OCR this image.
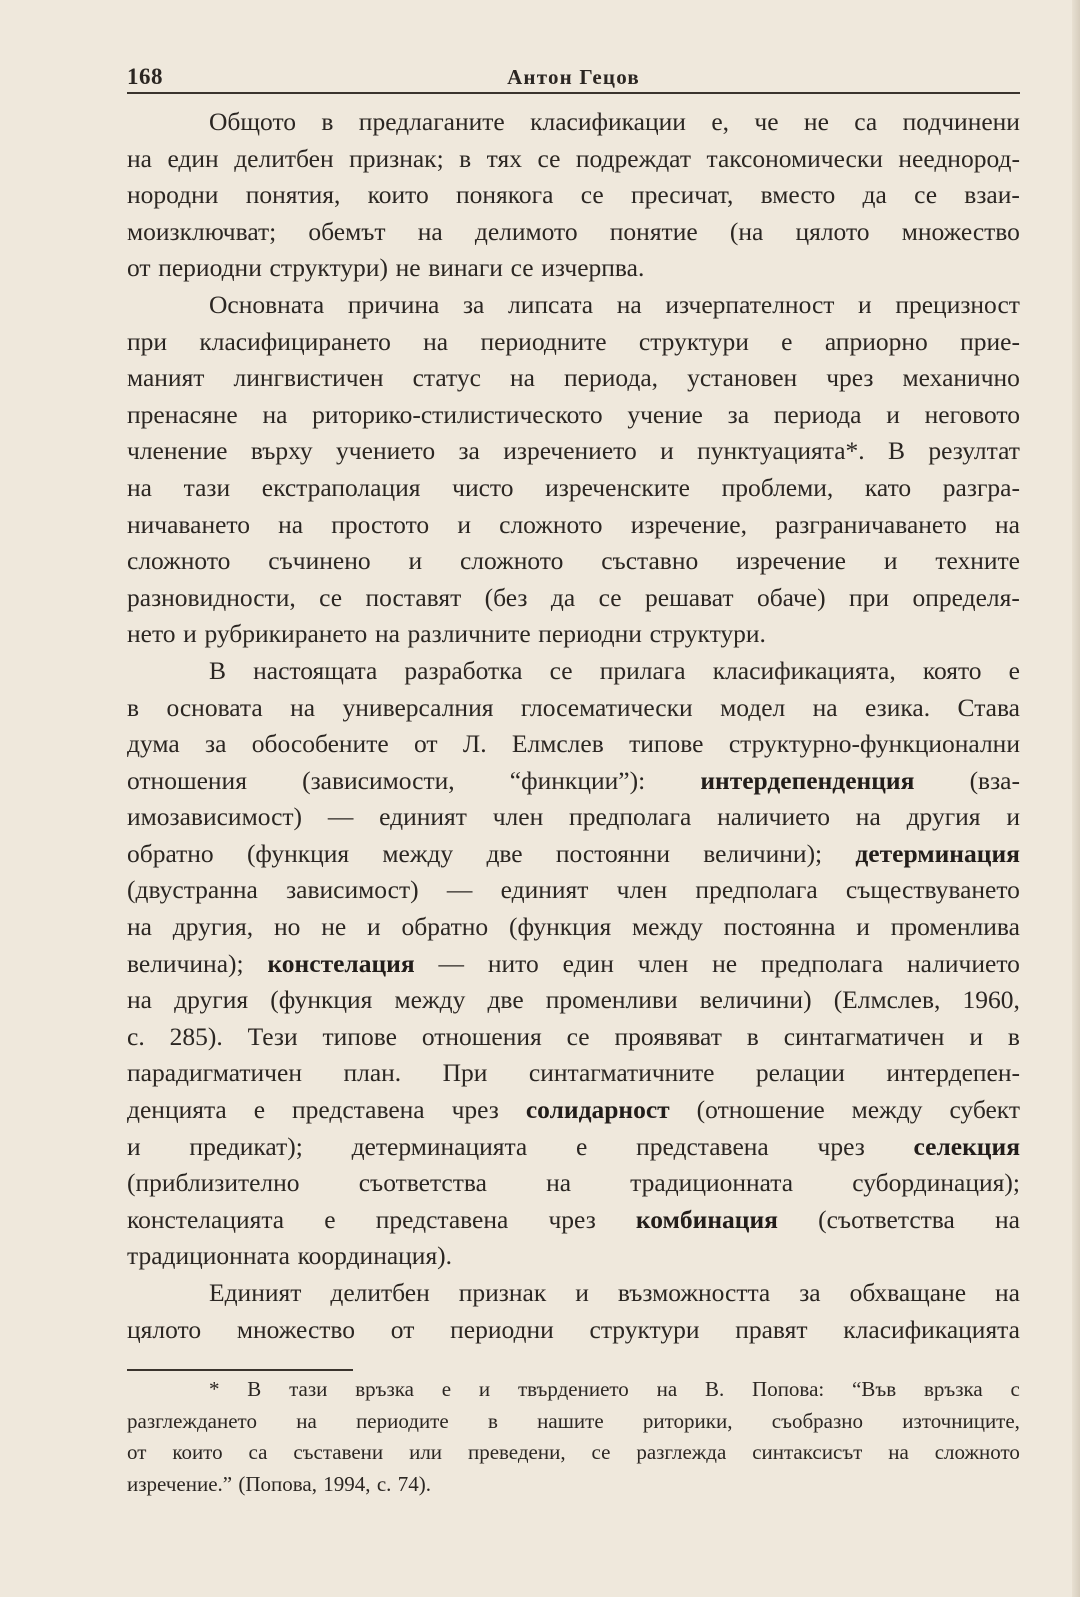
168	Антон Гецов
Общото в предлаганите класификации е, че не са подчинени
на един делитбен признак; в тях се подреждат таксономически нееднород-
нородни понятия, които понякога се пресичат, вместо да се взаи-
моизключват; обемът на делимото понятие (на цялото множество
от периодни структури) не винаги се изчерпва.
Основната причина за липсата на изчерпателност и прецизност
при класифицирането на периодните структури е априорно прие-
маният лингвистичен статус на периода, установен чрез механично
пренасяне на риторико-стилистическото учение за периода и неговото
членение върху учението за изречението и пунктуацията*. В резултат
на тази екстраполация чисто изреченските проблеми, като разгра-
ничаването на простото и сложното изречение, разграничаването на
сложното съчинено и сложното съставно изречение и техните
разновидности, се поставят (без да се решават обаче) при определя-
нето и рубрикирането на различните периодни структури.
В настоящата разработка се прилага класификацията, която е
в основата на универсалния глосематически модел на езика. Става
дума за обособените от Л. Елмслев типове структурно-функционални
отношения (зависимости, “финкции”): интердепенденция (вза-
имозависимост) — единият член предполага наличието на другия и
обратно (функция между две постоянни величини); детерминация
(двустранна зависимост) — единият член предполага съществуването
на другия, но не и обратно (функция между постоянна и променлива
величина); констелация — нито един член не предполага наличието
на другия (функция между две променливи величини) (Елмслев, 1960,
с. 285). Тези типове отношения се проявяват в синтагматичен и в
парадигматичен план. При синтагматичните релации интердепен-
денцията е представена чрез солидарност (отношение между субект
и предикат); детерминацията е представена чрез селекция
(приблизително съответства на традиционната субординация);
констелацията е представена чрез комбинация (съответства на
традиционната координация).
Единият делитбен признак и възможността за обхващане на
цялото множество от периодни структури правят класификацията
* В тази връзка е и твърдението на В. Попова: “Във връзка с
разглеждането на периодите в нашите риторики, съобразно източниците,
от които са съставени или преведени, се разглежда синтаксисът на сложното
изречение.” (Попова, 1994, с. 74).
